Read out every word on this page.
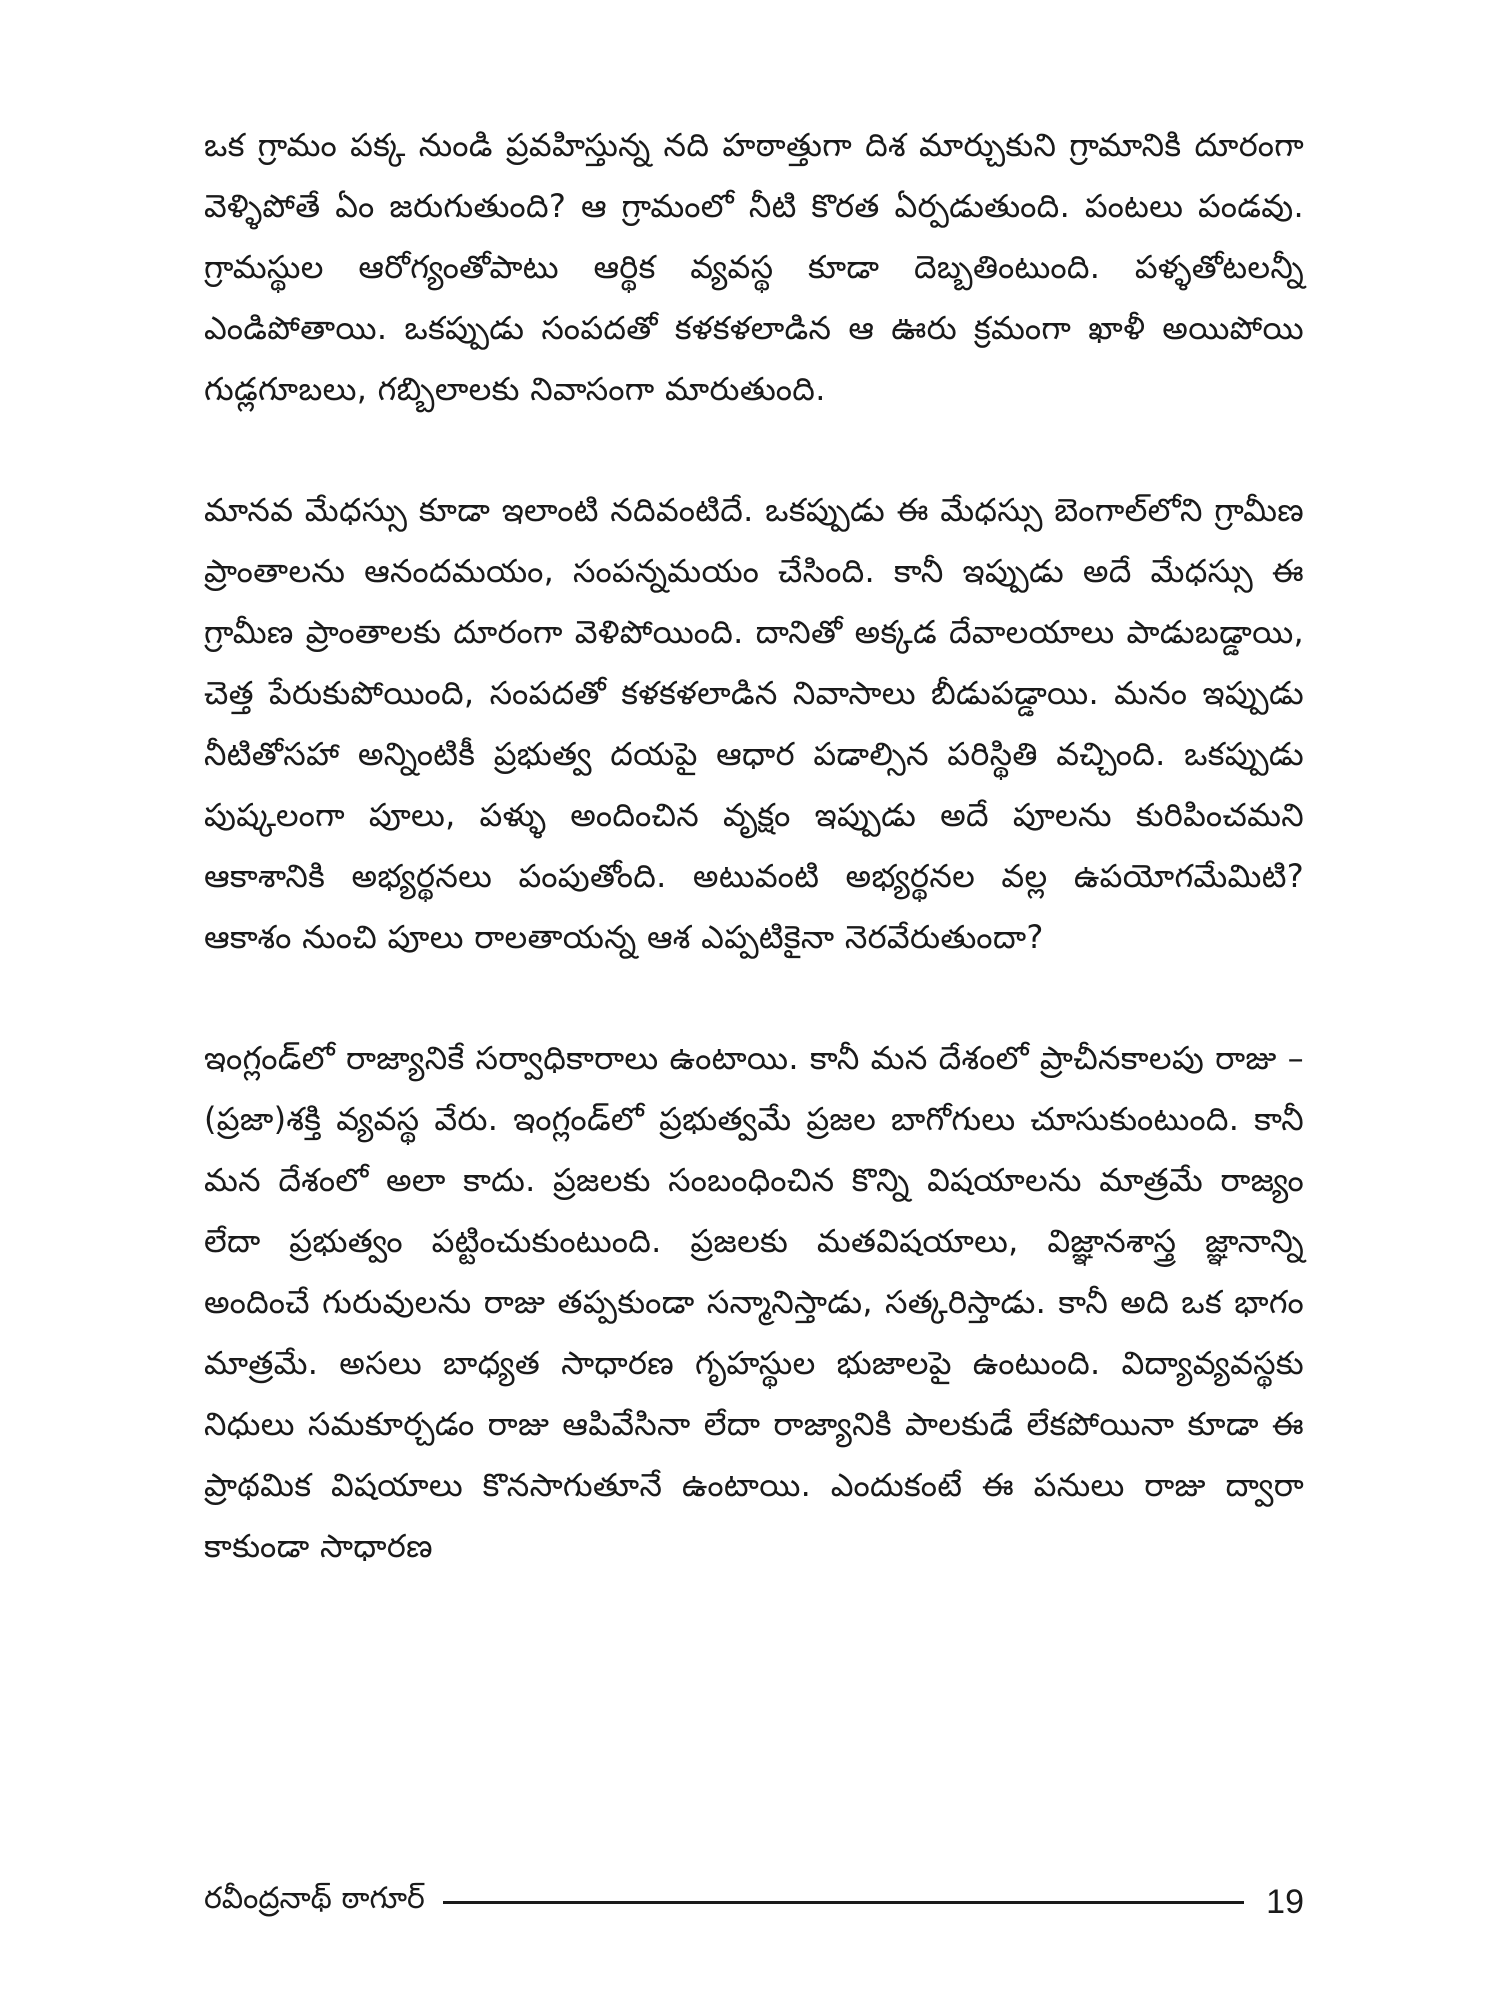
ఒక గ్రామం పక్క నుండి ప్రవహిస్తున్న నది హఠాత్తుగా దిశ మార్చుకుని గ్రామానికి దూరంగా వెళ్ళిపోతే ఏం జరుగుతుంది? ఆ గ్రామంలో నీటి కొరత ఏర్పడుతుంది. పంటలు పండవు. గ్రామస్థుల ఆరోగ్యంతోపాటు ఆర్థిక వ్యవస్థ కూడా దెబ్బతింటుంది. పళ్ళతోటలన్నీ ఎండిపోతాయి. ఒకప్పుడు సంపదతో కళకళలాడిన ఆ ఊరు క్రమంగా ఖాళీ అయిపోయి గుడ్లగూబలు, గబ్బిలాలకు నివాసంగా మారుతుంది.

మానవ మేధస్సు కూడా ఇలాంటి నదివంటిదే. ఒకప్పుడు ఈ మేధస్సు బెంగాల్‌లోని గ్రామీణ ప్రాంతాలను ఆనందమయం, సంపన్నమయం చేసింది. కానీ ఇప్పుడు అదే మేధస్సు ఈ గ్రామీణ ప్రాంతాలకు దూరంగా వెళిపోయింది. దానితో అక్కడ దేవాలయాలు పాడుబడ్డాయి, చెత్త పేరుకుపోయింది, సంపదతో కళకళలాడిన నివాసాలు బీడుపడ్డాయి. మనం ఇప్పుడు నీటితోసహా అన్నింటికీ ప్రభుత్వ దయపై ఆధార పడాల్సిన పరిస్థితి వచ్చింది. ఒకప్పుడు పుష్కలంగా పూలు, పళ్ళు అందించిన వృక్షం ఇప్పుడు అదే పూలను కురిపించమని ఆకాశానికి అభ్యర్థనలు పంపుతోంది. అటువంటి అభ్యర్థనల వల్ల ఉపయోగమేమిటి? ఆకాశం నుంచి పూలు రాలతాయన్న ఆశ ఎప్పటికైనా నెరవేరుతుందా?

ఇంగ్లండ్‌లో రాజ్యానికే సర్వాధికారాలు ఉంటాయి. కానీ మన దేశంలో ప్రాచీనకాలపు రాజు – (ప్రజా)శక్తి వ్యవస్థ వేరు. ఇంగ్లండ్‌లో ప్రభుత్వమే ప్రజల బాగోగులు చూసుకుంటుంది. కానీ మన దేశంలో అలా కాదు. ప్రజలకు సంబంధించిన కొన్ని విషయాలను మాత్రమే రాజ్యం లేదా ప్రభుత్వం పట్టించుకుంటుంది. ప్రజలకు మతవిషయాలు, విజ్ఞానశాస్త్ర జ్ఞానాన్ని అందించే గురువులను రాజు తప్పకుండా సన్మానిస్తాడు, సత్కరిస్తాడు. కానీ అది ఒక భాగం మాత్రమే. అసలు బాధ్యత సాధారణ గృహస్థుల భుజాలపై ఉంటుంది. విద్యావ్యవస్థకు నిధులు సమకూర్చడం రాజు ఆపివేసినా లేదా రాజ్యానికి పాలకుడే లేకపోయినా కూడా ఈ ప్రాథమిక విషయాలు కొనసాగుతూనే ఉంటాయి. ఎందుకంటే ఈ పనులు రాజు ద్వారా కాకుండా సాధారణ

రవీంద్రనాథ్ ఠాగూర్	19
